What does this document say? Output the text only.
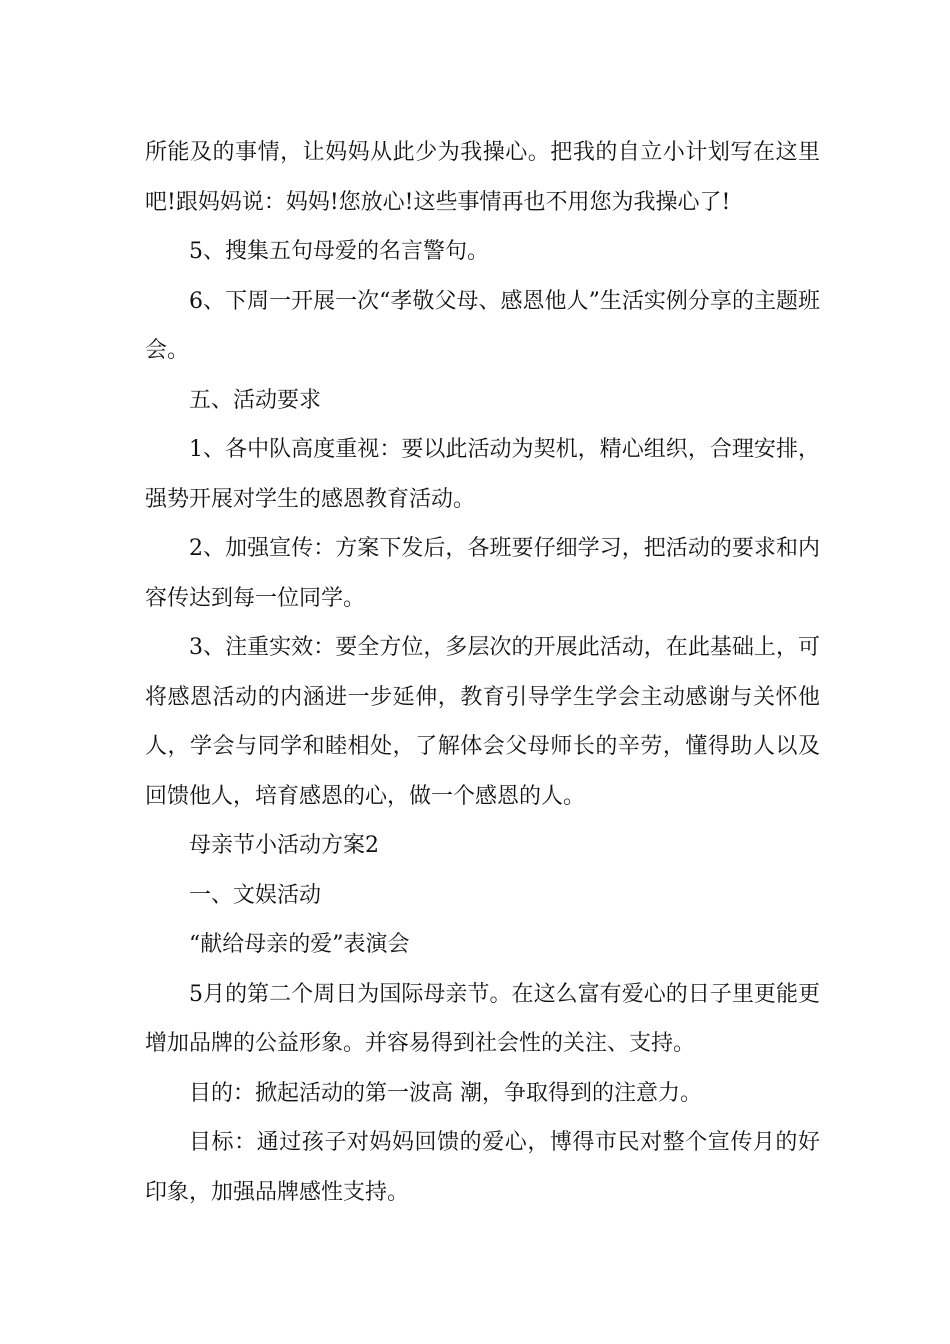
所能及的事情，让妈妈从此少为我操心。把我的自立小计划写在这里吧!跟妈妈说：妈妈!您放心!这些事情再也不用您为我操心了!

5、搜集五句母爱的名言警句。

6、下周一开展一次“孝敬父母、感恩他人”生活实例分享的主题班会。

五、活动要求

1、各中队高度重视：要以此活动为契机，精心组织，合理安排，强势开展对学生的感恩教育活动。

2、加强宣传：方案下发后，各班要仔细学习，把活动的要求和内容传达到每一位同学。

3、注重实效：要全方位，多层次的开展此活动，在此基础上，可将感恩活动的内涵进一步延伸，教育引导学生学会主动感谢与关怀他人，学会与同学和睦相处，了解体会父母师长的辛劳，懂得助人以及回馈他人，培育感恩的心，做一个感恩的人。

母亲节小活动方案2

一、文娱活动

“献给母亲的爱”表演会

5月的第二个周日为国际母亲节。在这么富有爱心的日子里更能更增加品牌的公益形象。并容易得到社会性的关注、支持。

目的：掀起活动的第一波高 潮，争取得到的注意力。

目标：通过孩子对妈妈回馈的爱心，博得市民对整个宣传月的好印象，加强品牌感性支持。
